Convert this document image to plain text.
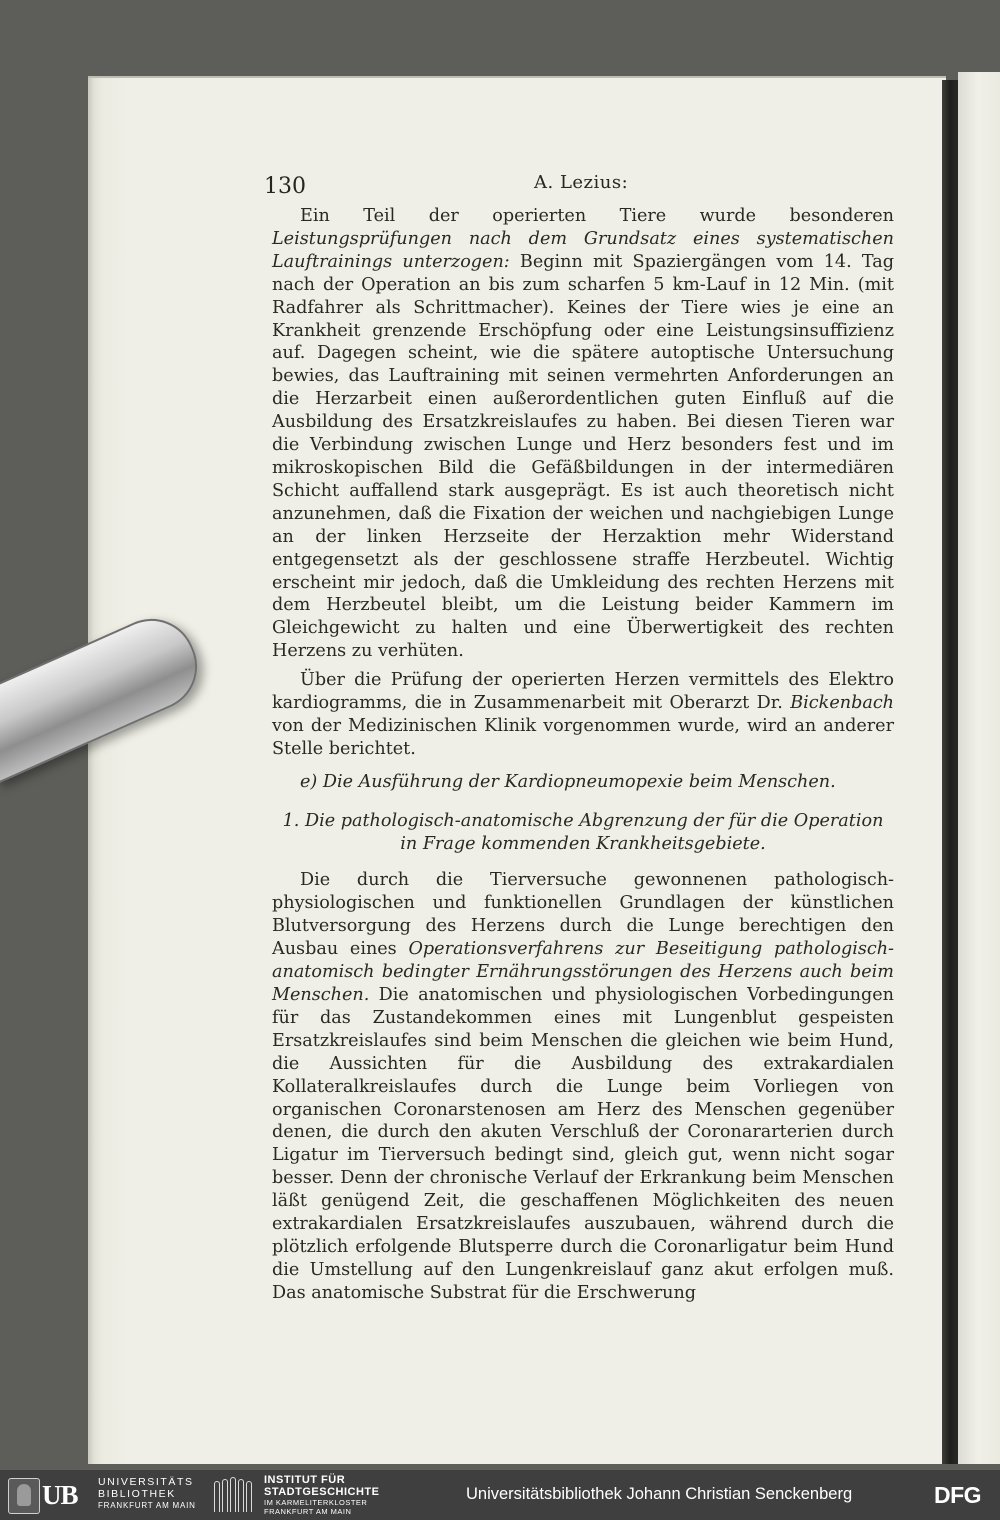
130	A. Lezius:

Ein Teil der operierten Tiere wurde besonderen Leistungsprüfungen nach dem Grundsatz eines systematischen Lauftrainings unterzogen: Beginn mit Spaziergängen vom 14. Tag nach der Operation an bis zum scharfen 5 km-Lauf in 12 Min. (mit Radfahrer als Schrittmacher). Keines der Tiere wies je eine an Krankheit grenzende Erschöpfung oder eine Leistungsinsuffizienz auf. Dagegen scheint, wie die spätere autoptische Untersuchung bewies, das Lauftraining mit seinen vermehrten Anforderungen an die Herzarbeit einen außerordentlichen guten Einfluß auf die Ausbildung des Ersatzkreislaufes zu haben. Bei diesen Tieren war die Verbindung zwischen Lunge und Herz besonders fest und im mikroskopischen Bild die Gefäßbildungen in der intermediären Schicht auffallend stark ausgeprägt. Es ist auch theoretisch nicht anzunehmen, daß die Fixation der weichen und nachgiebigen Lunge an der linken Herzseite der Herzaktion mehr Widerstand entgegensetzt als der geschlossene straffe Herzbeutel. Wichtig erscheint mir jedoch, daß die Umkleidung des rechten Herzens mit dem Herzbeutel bleibt, um die Leistung beider Kammern im Gleichgewicht zu halten und eine Überwertigkeit des rechten Herzens zu verhüten.

Über die Prüfung der operierten Herzen vermittels des Elektro kardiogramms, die in Zusammenarbeit mit Oberarzt Dr. Bickenbach von der Medizinischen Klinik vorgenommen wurde, wird an anderer Stelle berichtet.

e) Die Ausführung der Kardiopneumopexie beim Menschen.

1. Die pathologisch-anatomische Abgrenzung der für die Operation in Frage kommenden Krankheitsgebiete.

Die durch die Tierversuche gewonnenen pathologisch-physiologischen und funktionellen Grundlagen der künstlichen Blutversorgung des Herzens durch die Lunge berechtigen den Ausbau eines Operationsverfahrens zur Beseitigung pathologisch-anatomisch bedingter Ernährungsstörungen des Herzens auch beim Menschen. Die anatomischen und physiologischen Vorbedingungen für das Zustandekommen eines mit Lungenblut gespeisten Ersatzkreislaufes sind beim Menschen die gleichen wie beim Hund, die Aussichten für die Ausbildung des extrakardialen Kollateralkreislaufes durch die Lunge beim Vorliegen von organischen Coronarstenosen am Herz des Menschen gegenüber denen, die durch den akuten Verschluß der Coronararterien durch Ligatur im Tierversuch bedingt sind, gleich gut, wenn nicht sogar besser. Denn der chronische Verlauf der Erkrankung beim Menschen läßt genügend Zeit, die geschaffenen Möglichkeiten des neuen extrakardialen Ersatzkreislaufes auszubauen, während durch die plötzlich erfolgende Blutsperre durch die Coronarligatur beim Hund die Umstellung auf den Lungenkreislauf ganz akut erfolgen muß. Das anatomische Substrat für die Erschwerung

UB UNIVERSITÄTS
BIBLIOTHEK
FRANKFURT AM MAIN
INSTITUT FÜR
STADTGESCHICHTE
IM KARMELITERKLOSTER
FRANKFURT AM MAIN
Universitätsbibliothek Johann Christian Senckenberg	DFG
